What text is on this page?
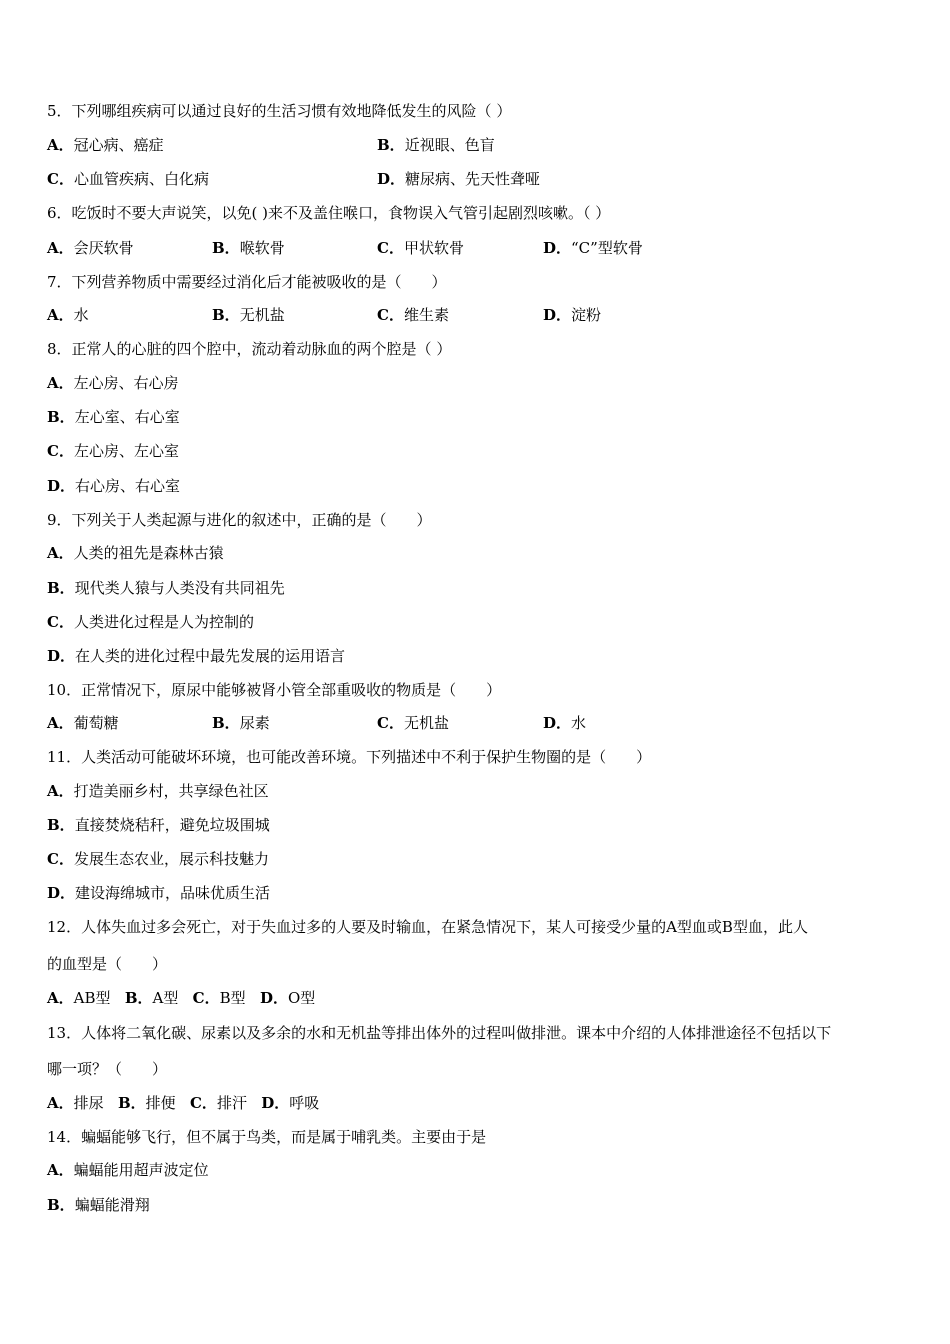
5．下列哪组疾病可以通过良好的生活习惯有效地降低发生的风险（ ）
A．冠心病、癌症	B．近视眼、色盲
C．心血管疾病、白化病	D．糖尿病、先天性聋哑
6．吃饭时不要大声说笑，以免( )来不及盖住喉口，食物误入气管引起剧烈咳嗽。（ ）
A．会厌软骨	B．喉软骨	C．甲状软骨	D．“C”型软骨
7．下列营养物质中需要经过消化后才能被吸收的是（　　）
A．水	B．无机盐	C．维生素	D．淀粉
8．正常人的心脏的四个腔中，流动着动脉血的两个腔是（ ）
A．左心房、右心房
B．左心室、右心室
C．左心房、左心室
D．右心房、右心室
9．下列关于人类起源与进化的叙述中，正确的是（　　）
A．人类的祖先是森林古猿
B．现代类人猿与人类没有共同祖先
C．人类进化过程是人为控制的
D．在人类的进化过程中最先发展的运用语言
10．正常情况下，原尿中能够被肾小管全部重吸收的物质是（　　）
A．葡萄糖	B．尿素	C．无机盐	D．水
11．人类活动可能破坏环境，也可能改善环境。下列描述中不利于保护生物圈的是（　　）
A．打造美丽乡村，共享绿色社区
B．直接焚烧秸秆，避免垃圾围城
C．发展生态农业，展示科技魅力
D．建设海绵城市，品味优质生活
12．人体失血过多会死亡，对于失血过多的人要及时输血，在紧急情况下，某人可接受少量的A型血或B型血，此人
的血型是（　　）
A．AB型 B．A型 C．B型 D．O型
13．人体将二氧化碳、尿素以及多余的水和无机盐等排出体外的过程叫做排泄。课本中介绍的人体排泄途径不包括以下
哪一项？（　　）
A．排尿 B．排便 C．排汗 D．呼吸
14．蝙蝠能够飞行，但不属于鸟类，而是属于哺乳类。主要由于是
A．蝙蝠能用超声波定位
B．蝙蝠能滑翔
